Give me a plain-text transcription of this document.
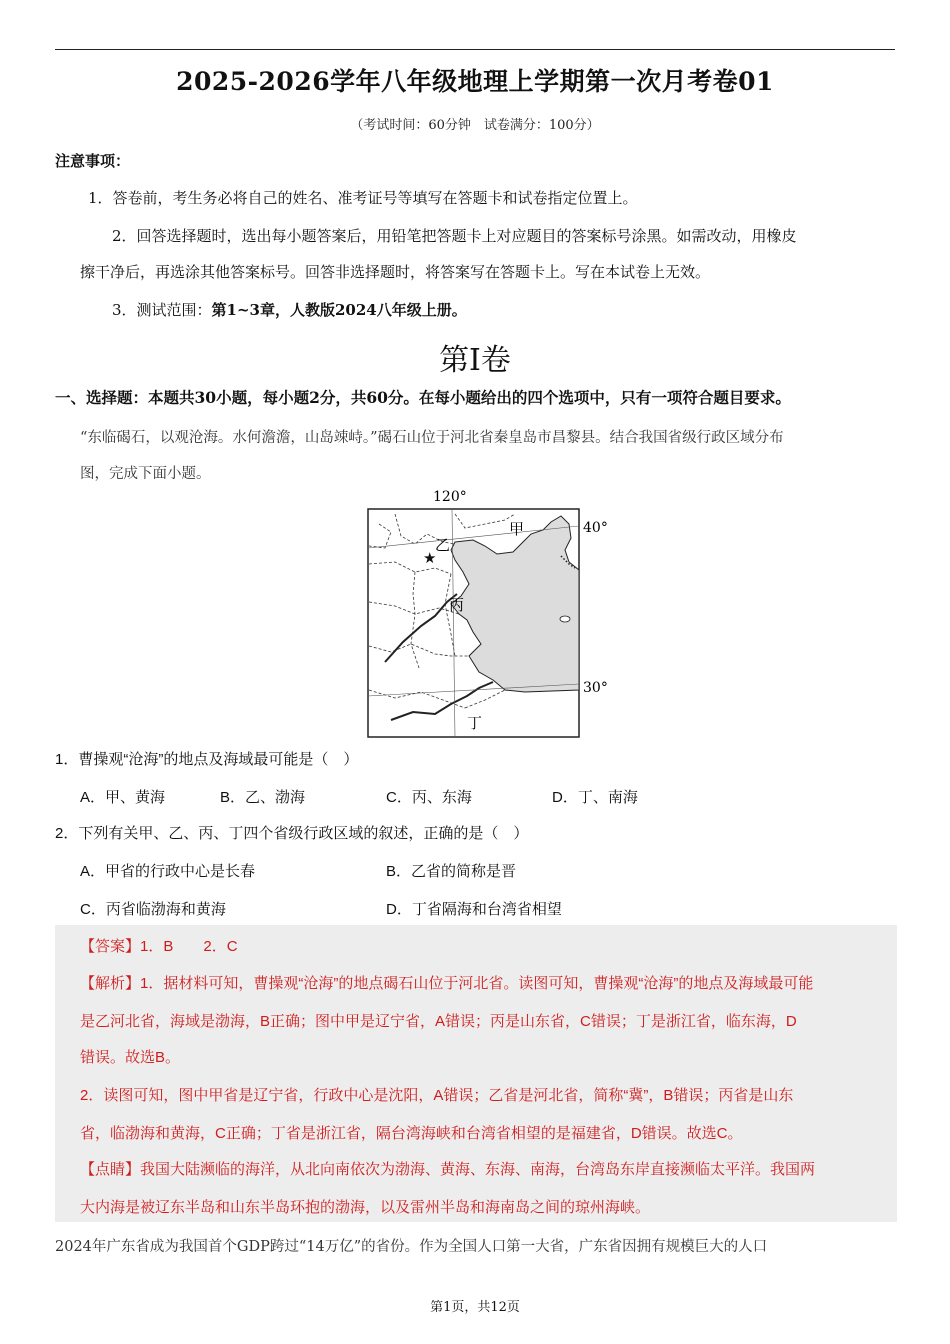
2025-2026学年八年级地理上学期第一次月考卷01
（考试时间：60分钟　试卷满分：100分）
注意事项：
1．答卷前，考生务必将自己的姓名、准考证号等填写在答题卡和试卷指定位置上。
2．回答选择题时，选出每小题答案后，用铅笔把答题卡上对应题目的答案标号涂黑。如需改动，用橡皮
擦干净后，再选涂其他答案标号。回答非选择题时，将答案写在答题卡上。写在本试卷上无效。
3．测试范围：第1~3章，人教版2024八年级上册。
第Ⅰ卷
一、选择题：本题共30小题，每小题2分，共60分。在每小题给出的四个选项中，只有一项符合题目要求。
“东临碣石，以观沧海。水何澹澹，山岛竦峙。”碣石山位于河北省秦皇岛市昌黎县。结合我国省级行政区域分布
图，完成下面小题。
★
120°
40°
30°
甲
乙
丙
丁
1．曹操观“沧海”的地点及海域最可能是（　）
A．甲、黄海	B．乙、渤海	C．丙、东海	D．丁、南海
2．下列有关甲、乙、丙、丁四个省级行政区域的叙述，正确的是（　）
A．甲省的行政中心是长春	B．乙省的简称是晋
C．丙省临渤海和黄海	D．丁省隔海和台湾省相望
【答案】1．B　　2．C
【解析】1．据材料可知，曹操观“沧海”的地点碣石山位于河北省。读图可知，曹操观“沧海”的地点及海域最可能
是乙河北省，海域是渤海，B正确；图中甲是辽宁省，A错误；丙是山东省，C错误；丁是浙江省，临东海，D
错误。故选B。
2．读图可知，图中甲省是辽宁省，行政中心是沈阳，A错误；乙省是河北省，简称“冀”，B错误；丙省是山东
省，临渤海和黄海，C正确；丁省是浙江省，隔台湾海峡和台湾省相望的是福建省，D错误。故选C。
【点睛】我国大陆濒临的海洋，从北向南依次为渤海、黄海、东海、南海，台湾岛东岸直接濒临太平洋。我国两
大内海是被辽东半岛和山东半岛环抱的渤海，以及雷州半岛和海南岛之间的琼州海峡。
2024年广东省成为我国首个GDP跨过“14万亿”的省份。作为全国人口第一大省，广东省因拥有规模巨大的人口
第1页，共12页
